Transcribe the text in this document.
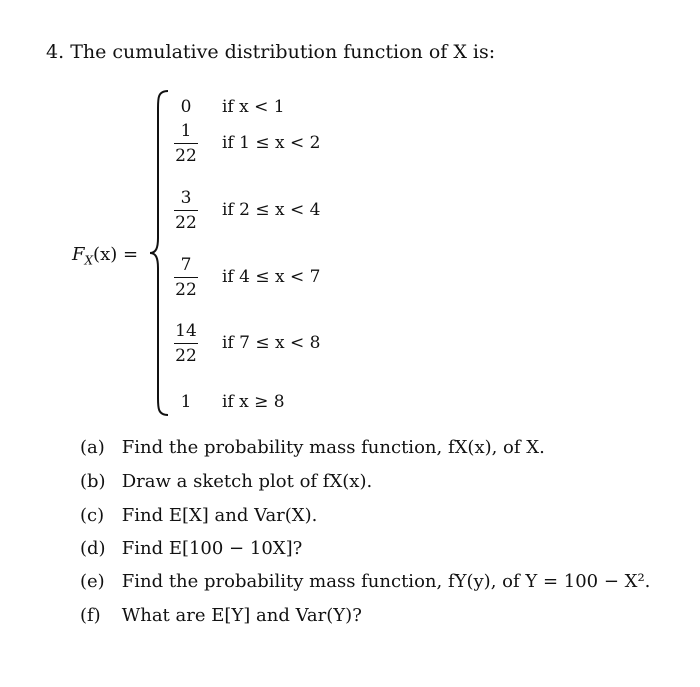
4. The cumulative distribution function of X is:
$F_X(x)$ =
0	if x < 1
1
22
if 1 ≤ x < 2
3
22
if 2 ≤ x < 4
7
22
if 4 ≤ x < 7
14
22
if 7 ≤ x < 8
1	if x ≥ 8
(a) Find the probability mass function, fX(x), of X.
(b) Draw a sketch plot of fX(x).
(c) Find E[X] and Var(X).
(d) Find E[100 − 10X]?
(e) Find the probability mass function, fY(y), of Y = 100 − X².
(f) What are E[Y] and Var(Y)?
